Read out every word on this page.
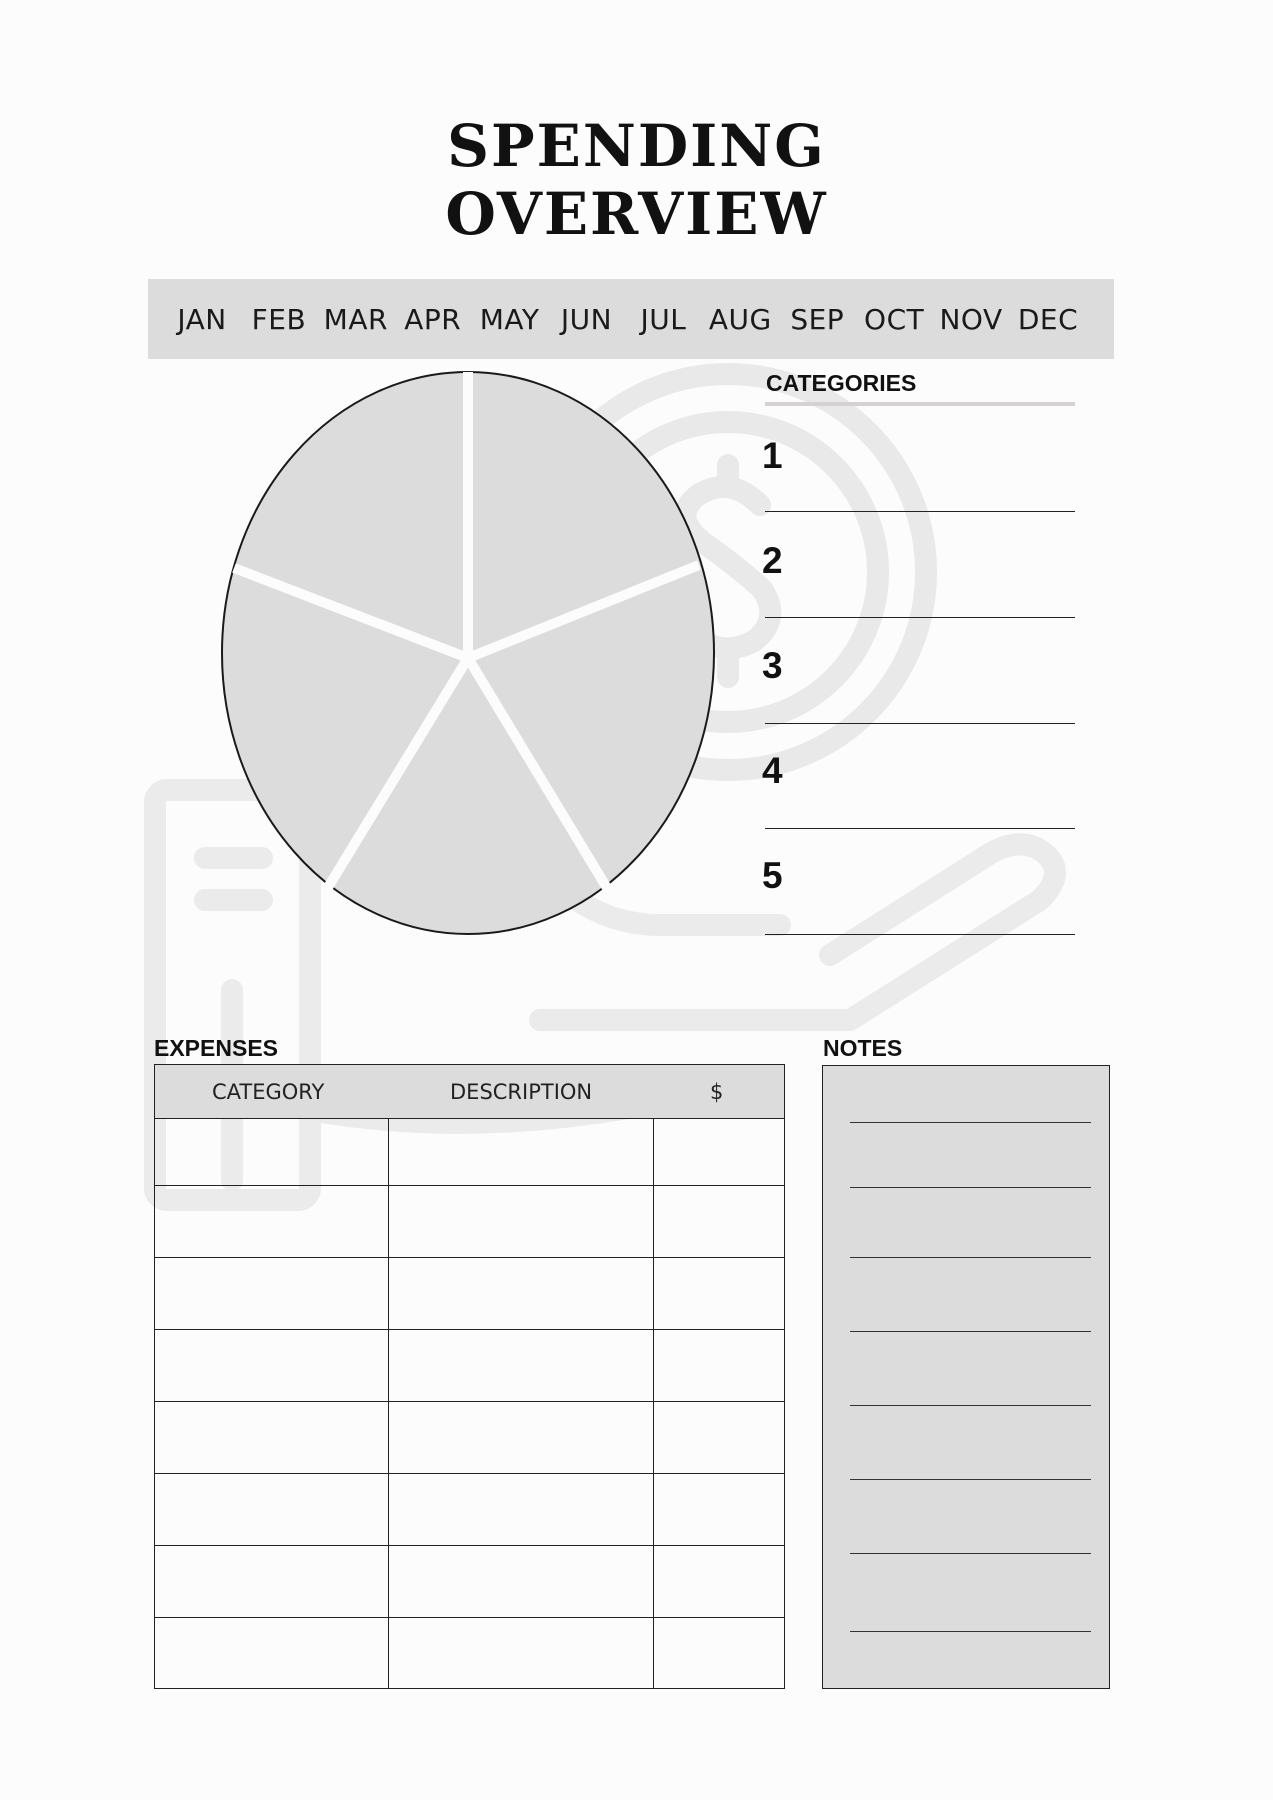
SPENDING
OVERVIEW
JAN FEB MAR APR MAY JUN	JUL AUG SEP OCT NOV DEC
CATEGORIES
1
2
3
4
5
EXPENSES
CATEGORY	DESCRIPTION	$
NOTES
